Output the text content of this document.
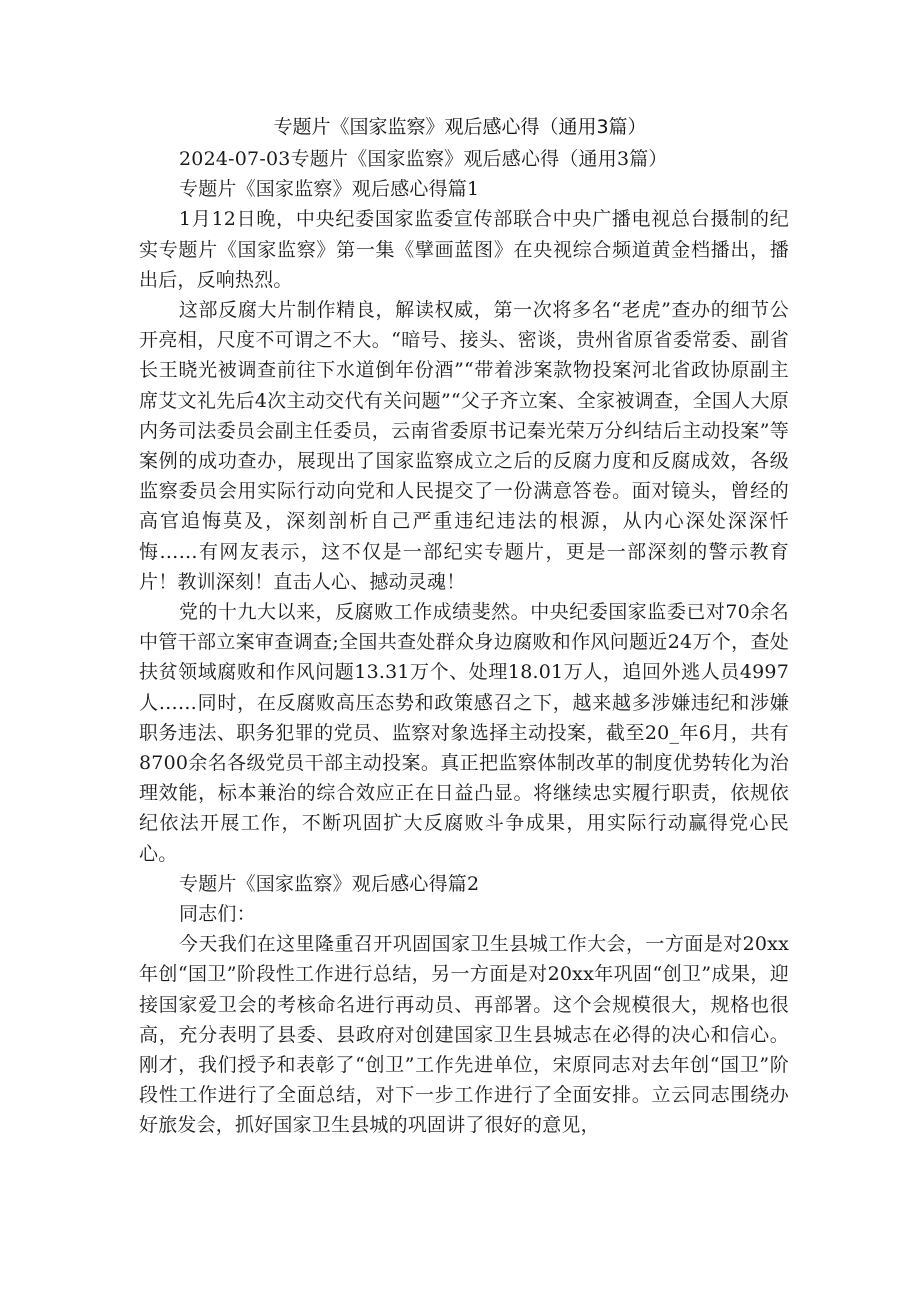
专题片《国家监察》观后感心得（通用3篇）

2024-07-03专题片《国家监察》观后感心得（通用3篇）

专题片《国家监察》观后感心得篇1

1月12日晚，中央纪委国家监委宣传部联合中央广播电视总台摄制的纪实专题片《国家监察》第一集《擘画蓝图》在央视综合频道黄金档播出，播出后，反响热烈。

这部反腐大片制作精良，解读权威，第一次将多名“老虎”查办的细节公开亮相，尺度不可谓之不大。“暗号、接头、密谈，贵州省原省委常委、副省长王晓光被调查前往下水道倒年份酒”“带着涉案款物投案河北省政协原副主席艾文礼先后4次主动交代有关问题”“父子齐立案、全家被调查，全国人大原内务司法委员会副主任委员，云南省委原书记秦光荣万分纠结后主动投案”等案例的成功查办，展现出了国家监察成立之后的反腐力度和反腐成效，各级监察委员会用实际行动向党和人民提交了一份满意答卷。面对镜头，曾经的高官追悔莫及，深刻剖析自己严重违纪违法的根源，从内心深处深深忏悔……有网友表示，这不仅是一部纪实专题片，更是一部深刻的警示教育片！教训深刻！直击人心、撼动灵魂！

党的十九大以来，反腐败工作成绩斐然。中央纪委国家监委已对70余名中管干部立案审查调查;全国共查处群众身边腐败和作风问题近24万个，查处扶贫领域腐败和作风问题13.31万个、处理18.01万人，追回外逃人员4997人……同时，在反腐败高压态势和政策感召之下，越来越多涉嫌违纪和涉嫌职务违法、职务犯罪的党员、监察对象选择主动投案，截至20_年6月，共有8700余名各级党员干部主动投案。真正把监察体制改革的制度优势转化为治理效能，标本兼治的综合效应正在日益凸显。将继续忠实履行职责，依规依纪依法开展工作，不断巩固扩大反腐败斗争成果，用实际行动赢得党心民心。

专题片《国家监察》观后感心得篇2

同志们：

今天我们在这里隆重召开巩固国家卫生县城工作大会，一方面是对20xx年创“国卫”阶段性工作进行总结，另一方面是对20xx年巩固“创卫”成果，迎接国家爱卫会的考核命名进行再动员、再部署。这个会规模很大，规格也很高，充分表明了县委、县政府对创建国家卫生县城志在必得的决心和信心。刚才，我们授予和表彰了“创卫”工作先进单位，宋原同志对去年创“国卫”阶段性工作进行了全面总结，对下一步工作进行了全面安排。立云同志围绕办好旅发会，抓好国家卫生县城的巩固讲了很好的意见，
